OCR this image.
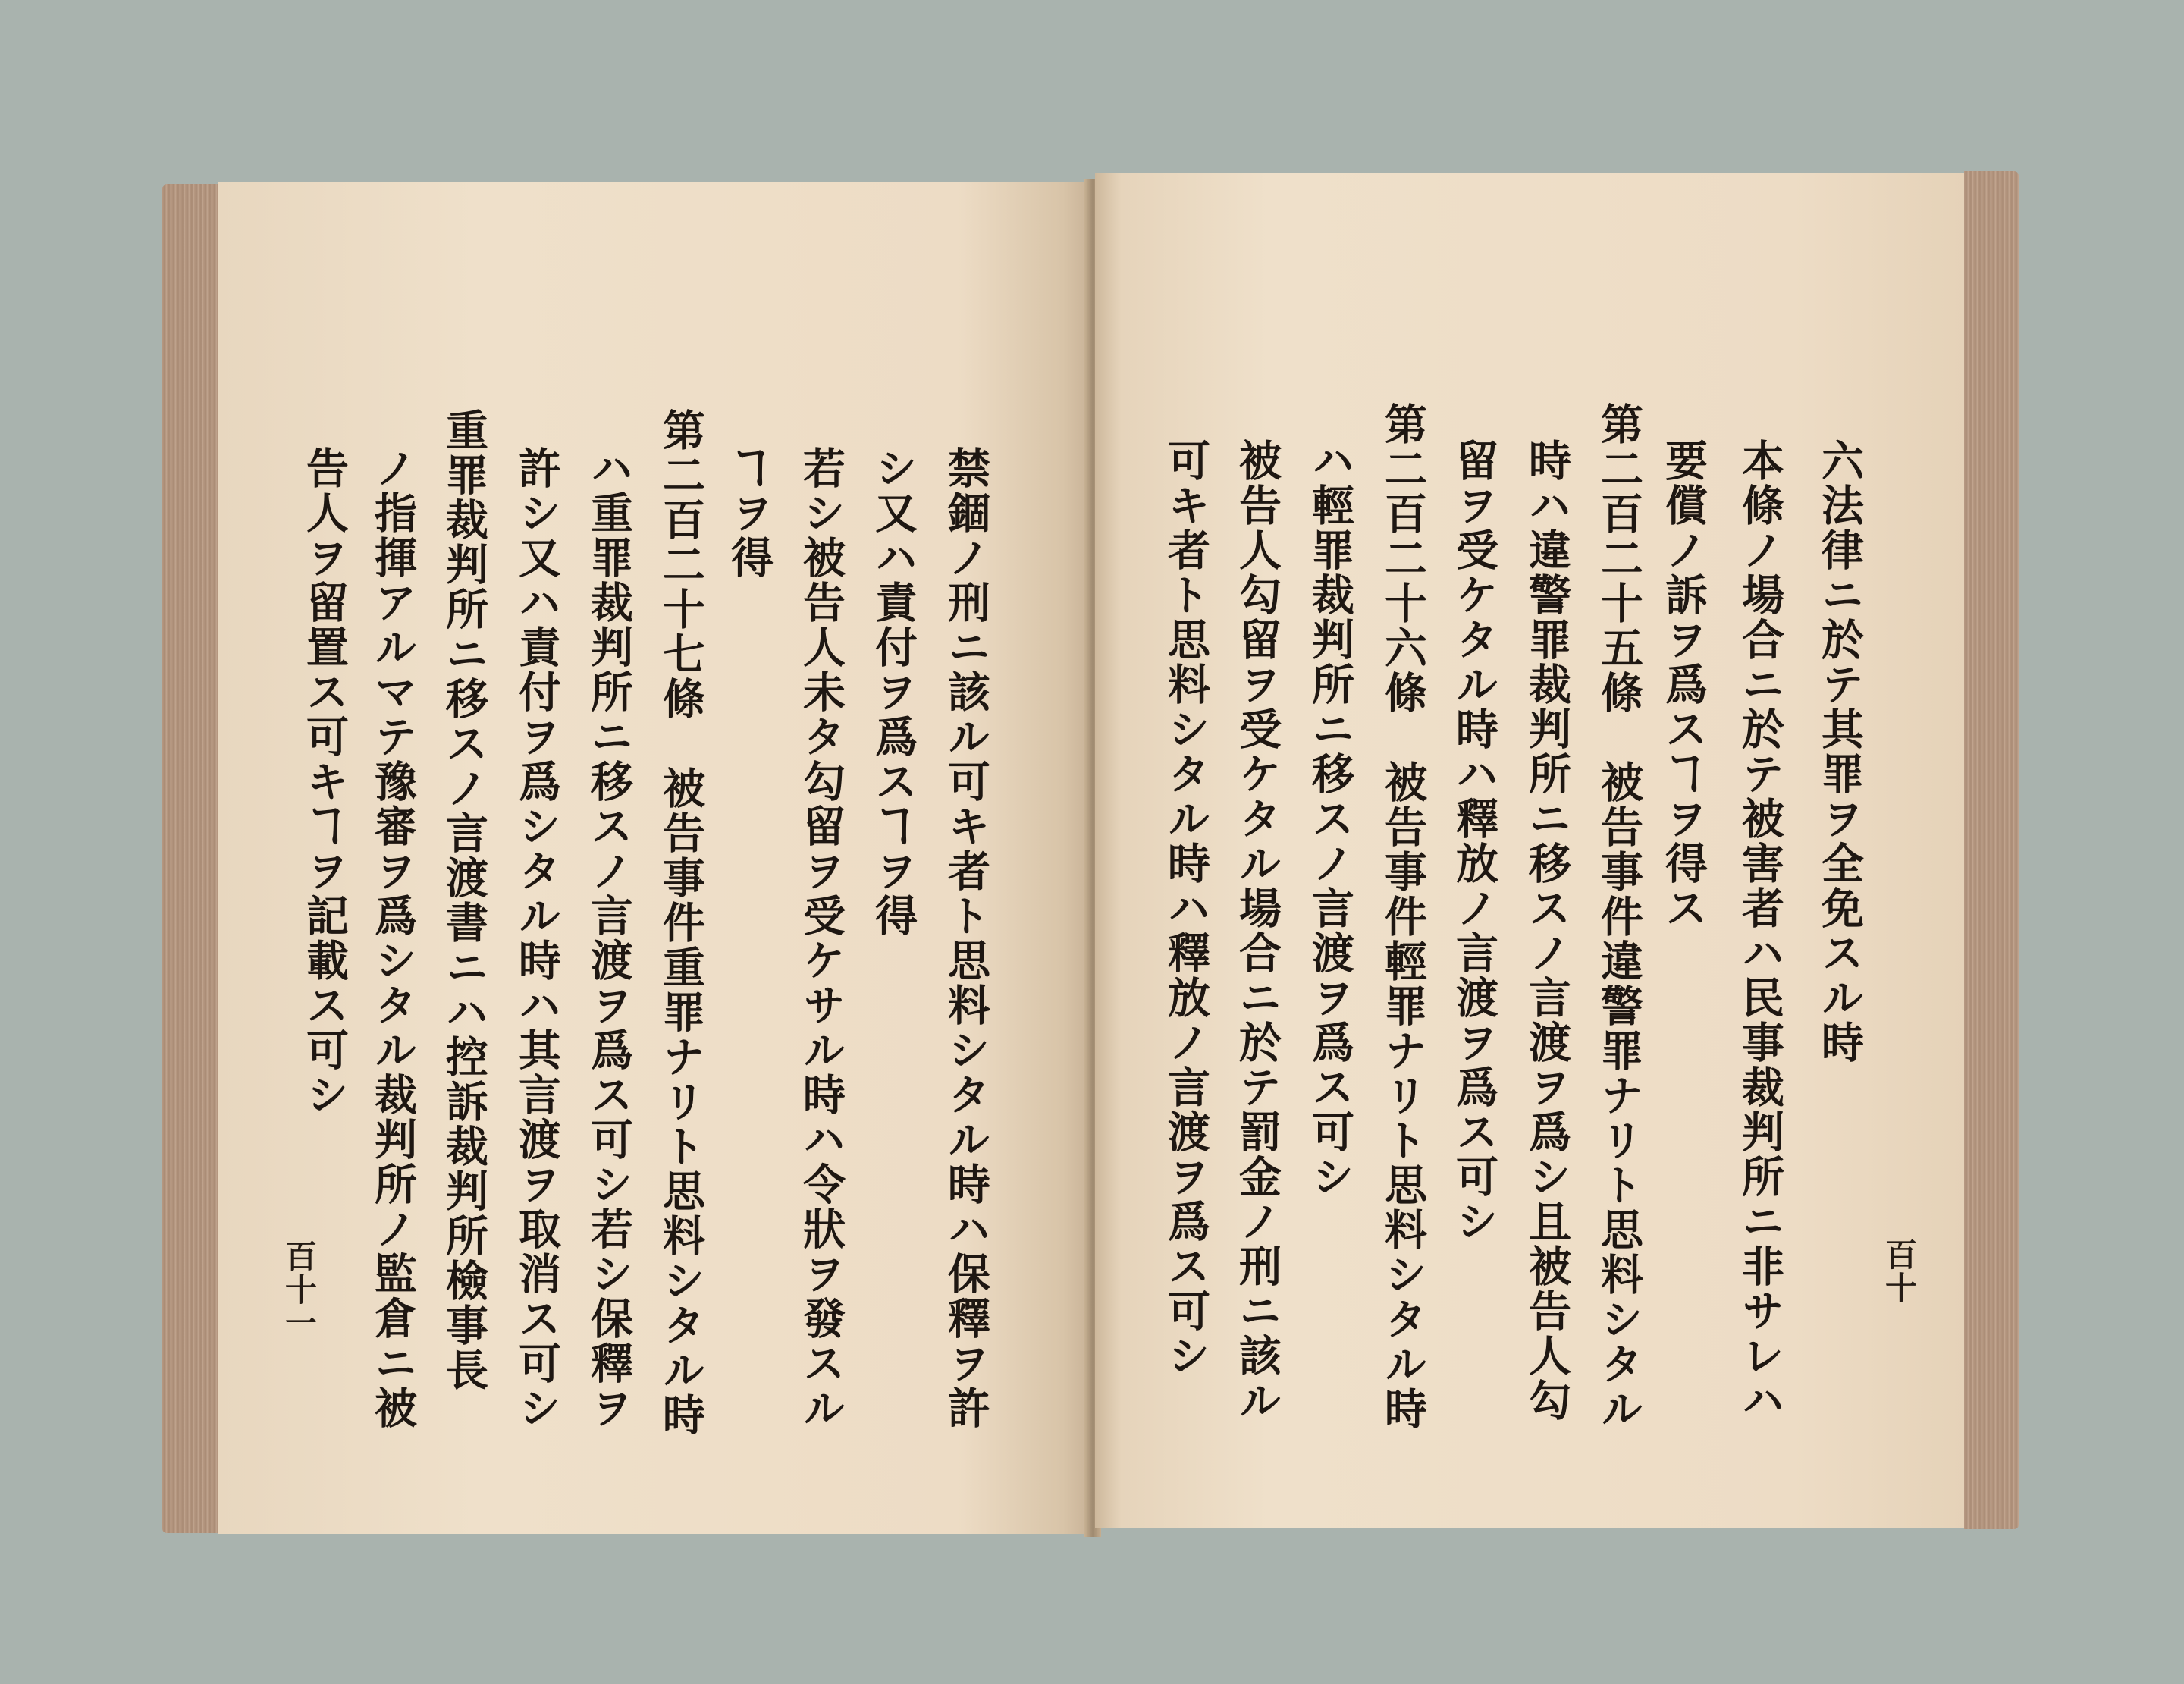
六法律ニ於テ其罪ヲ全免スル時
本條ノ場合ニ於テ被害者ハ民事裁判所ニ非サレハ
要償ノ訴ヲ爲スヿヲ得ス
第二百二十五條　被告事件違警罪ナリト思料シタル
時ハ違警罪裁判所ニ移スノ言渡ヲ爲シ且被告人勾
留ヲ受ケタル時ハ釋放ノ言渡ヲ爲ス可シ
第二百二十六條　被告事件輕罪ナリト思料シタル時
ハ輕罪裁判所ニ移スノ言渡ヲ爲ス可シ
被告人勾留ヲ受ケタル場合ニ於テ罰金ノ刑ニ該ル
可キ者ト思料シタル時ハ釋放ノ言渡ヲ爲ス可シ	百十
禁錮ノ刑ニ該ル可キ者ト思料シタル時ハ保釋ヲ許
シ又ハ責付ヲ爲スヿヲ得
若シ被告人未タ勾留ヲ受ケサル時ハ令狀ヲ發スル
ヿヲ得
第二百二十七條　被告事件重罪ナリト思料シタル時
ハ重罪裁判所ニ移スノ言渡ヲ爲ス可シ若シ保釋ヲ
許シ又ハ責付ヲ爲シタル時ハ其言渡ヲ取消ス可シ
重罪裁判所ニ移スノ言渡書ニハ控訴裁判所檢事長
ノ指揮アルマテ豫審ヲ爲シタル裁判所ノ監倉ニ被
告人ヲ留置ス可キヿヲ記載ス可シ
百十一
